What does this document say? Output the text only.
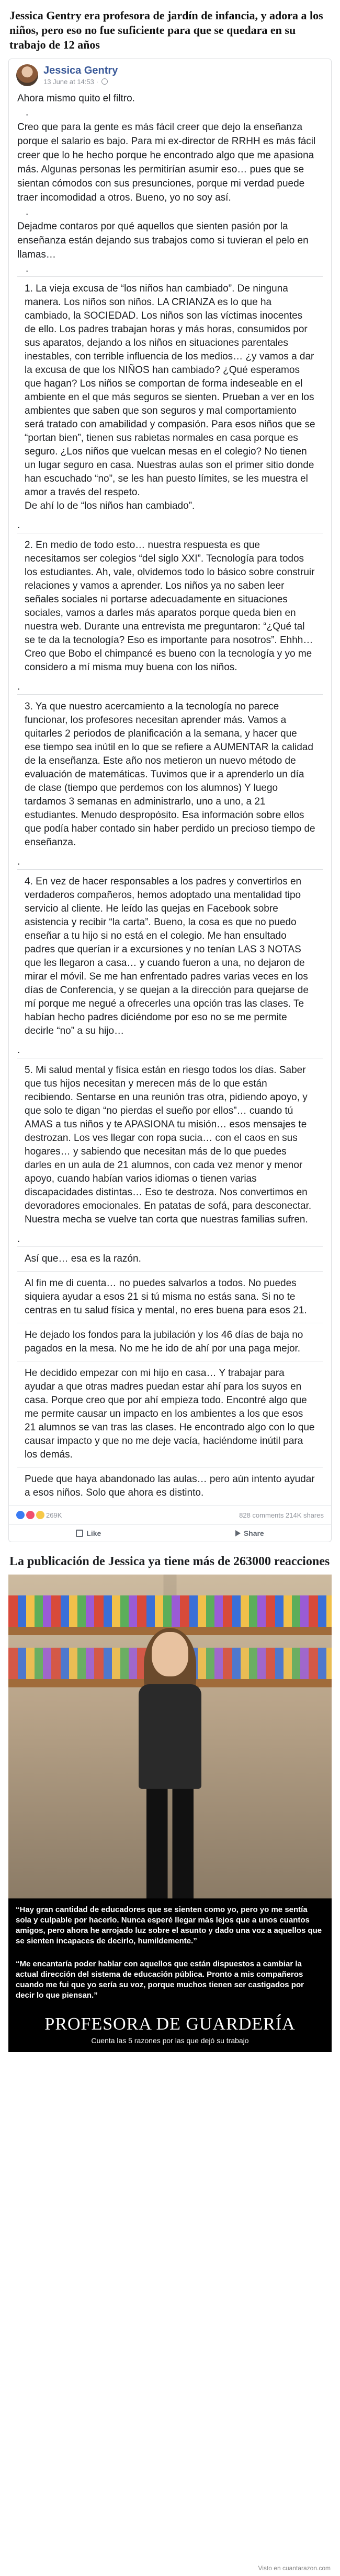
Jessica Gentry era profesora de jardín de infancia, y adora a los niños, pero eso no fue suficiente para que se quedara en su trabajo de 12 años
Jessica Gentry
13 June at 14:53 ·

Ahora mismo quito el filtro.

.

Creo que para la gente es más fácil creer que dejo la enseñanza porque el salario es bajo. Para mi ex-director de RRHH es más fácil creer que lo he hecho porque he encontrado algo que me apasiona más. Algunas personas les permitirían asumir eso… pues que se sientan cómodos con sus presunciones, porque mi verdad puede traer incomodidad a otros. Bueno, yo no soy así.

.

Dejadme contaros por qué aquellos que sienten pasión por la enseñanza están dejando sus trabajos como si tuvieran el pelo en llamas…

.
1. La vieja excusa de “los niños han cambiado”. De ninguna manera. Los niños son niños. LA CRIANZA es lo que ha cambiado, la SOCIEDAD. Los niños son las víctimas inocentes de ello. Los padres trabajan horas y más horas, consumidos por sus aparatos, dejando a los niños en situaciones parentales inestables, con terrible influencia de los medios… ¿y vamos a dar la excusa de que los NIÑOS han cambiado? ¿Qué esperamos que hagan? Los niños se comportan de forma indeseable en el ambiente en el que más seguros se sienten. Prueban a ver en los ambientes que saben que son seguros y mal comportamiento será tratado con amabilidad y compasión. Para esos niños que se “portan bien”, tienen sus rabietas normales en casa porque es seguro. ¿Los niños que vuelcan mesas en el colegio? No tienen un lugar seguro en casa. Nuestras aulas son el primer sitio donde han escuchado “no”, se les han puesto límites, se les muestra el amor a través del respeto.
De ahí lo de “los niños han cambiado”.
.
2. En medio de todo esto… nuestra respuesta es que necesitamos ser colegios “del siglo XXI”. Tecnología para todos los estudiantes. Ah, vale, olvidemos todo lo básico sobre construir relaciones y vamos a aprender. Los niños ya no saben leer señales sociales ni portarse adecuadamente en situaciones sociales, vamos a darles más aparatos porque queda bien en nuestra web. Durante una entrevista me preguntaron: “¿Qué tal se te da la tecnología? Eso es importante para nosotros”. Ehhh… Creo que Bobo el chimpancé es bueno con la tecnología y yo me considero a mí misma muy buena con los niños.
.
3. Ya que nuestro acercamiento a la tecnología no parece funcionar, los profesores necesitan aprender más. Vamos a quitarles 2 periodos de planificación a la semana, y hacer que ese tiempo sea inútil en lo que se refiere a AUMENTAR la calidad de la enseñanza. Este año nos metieron un nuevo método de evaluación de matemáticas. Tuvimos que ir a aprenderlo un día de clase (tiempo que perdemos con los alumnos) Y luego tardamos 3 semanas en administrarlo, uno a uno, a 21 estudiantes. Menudo despropósito. Esa información sobre ellos que podía haber contado sin haber perdido un precioso tiempo de enseñanza.
.
4. En vez de hacer responsables a los padres y convertirlos en verdaderos compañeros, hemos adoptado una mentalidad tipo servicio al cliente. He leído las quejas en Facebook sobre asistencia y recibir “la carta”. Bueno, la cosa es que no puedo enseñar a tu hijo si no está en el colegio. Me han ensultado padres que querían ir a excursiones y no tenían LAS 3 NOTAS que les llegaron a casa… y cuando fueron a una, no dejaron de mirar el móvil. Se me han enfrentado padres varias veces en los días de Conferencia, y se quejan a la dirección para quejarse de mí porque me negué a ofrecerles una opción tras las clases. Te habían hecho padres diciéndome por eso no se me permite decirle “no” a su hijo…
.
5. Mi salud mental y física están en riesgo todos los días. Saber que tus hijos necesitan y merecen más de lo que están recibiendo. Sentarse en una reunión tras otra, pidiendo apoyo, y que solo te digan “no pierdas el sueño por ellos”… cuando tú AMAS a tus niños y te APASIONA tu misión… esos mensajes te destrozan. Los ves llegar con ropa sucia… con el caos en sus hogares… y sabiendo que necesitan más de lo que puedes darles en un aula de 21 alumnos, con cada vez menor y menor apoyo, cuando habían varios idiomas o tienen varias discapacidades distintas… Eso te destroza. Nos convertimos en devoradores emocionales. En patatas de sofá, para desconectar. Nuestra mecha se vuelve tan corta que nuestras familias sufren.
.
Así que… esa es la razón.
Al fin me di cuenta… no puedes salvarlos a todos. No puedes siquiera ayudar a esos 21 si tú misma no estás sana. Si no te centras en tu salud física y mental, no eres buena para esos 21.
He dejado los fondos para la jubilación y los 46 días de baja no pagados en la mesa. No me he ido de ahí por una paga mejor.
He decidido empezar con mi hijo en casa… Y trabajar para ayudar a que otras madres puedan estar ahí para los suyos en casa. Porque creo que por ahí empieza todo. Encontré algo que me permite causar un impacto en los ambientes a los que esos 21 alumnos se van tras las clases. He encontrado algo con lo que causar impacto y que no me deje vacía, haciéndome inútil para los demás.
Puede que haya abandonado las aulas… pero aún intento ayudar a esos niños. Solo que ahora es distinto.
269K	828 comments 214K shares
Like	Share
La publicación de Jessica ya tiene más de 263000 reacciones
“Hay gran cantidad de educadores que se sienten como yo, pero yo me sentía sola y culpable por hacerlo. Nunca esperé llegar más lejos que a unos cuantos amigos, pero ahora he arrojado luz sobre el asunto y dado una voz a aquellos que se sienten incapaces de decirlo, humildemente.”
“Me encantaría poder hablar con aquellos que están dispuestos a cambiar la actual dirección del sistema de educación pública. Pronto a mis compañeros cuando me fui que yo sería su voz, porque muchos tienen ser castigados por decir lo que piensan.”
PROFESORA DE GUARDERÍA
Cuenta las 5 razones por las que dejó su trabajo
Visto en cuantarazon.com
